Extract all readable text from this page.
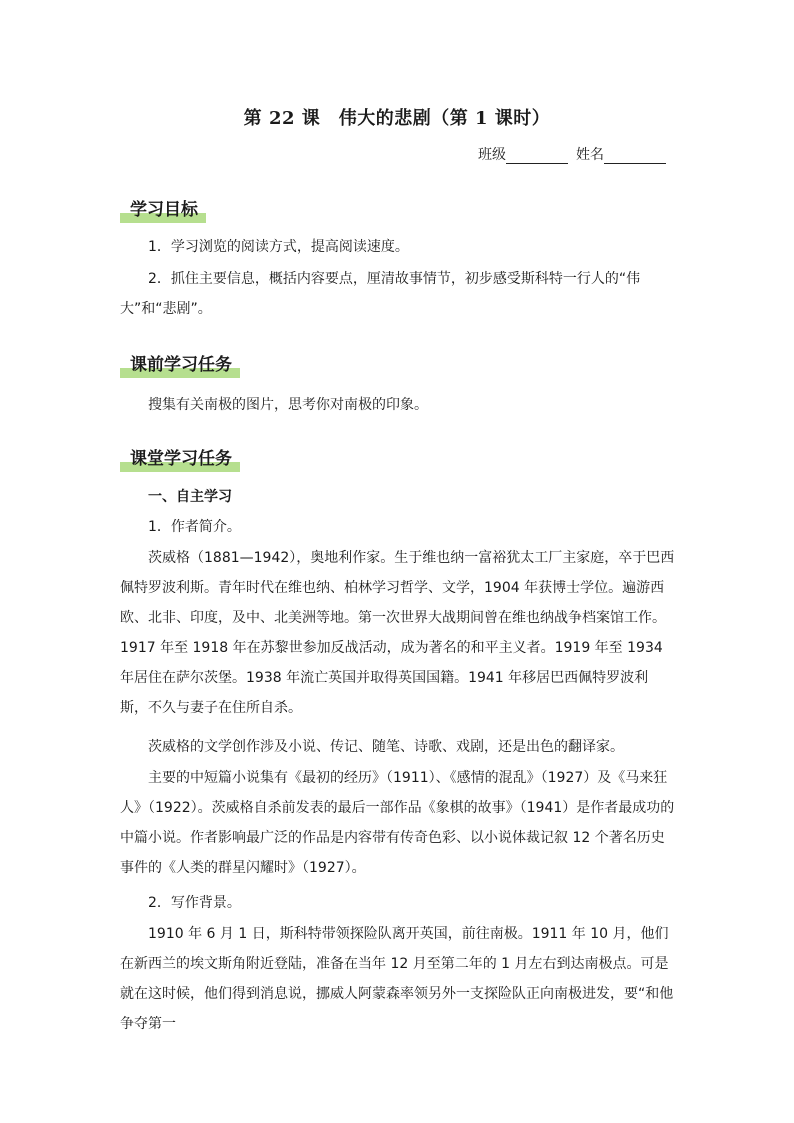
第 22 课　伟大的悲剧（第 1 课时）
班级	姓名
学习目标
1．学习浏览的阅读方式，提高阅读速度。
2．抓住主要信息，概括内容要点，厘清故事情节，初步感受斯科特一行人的“伟大”和“悲剧”。
课前学习任务
搜集有关南极的图片，思考你对南极的印象。
课堂学习任务
一、自主学习
1．作者简介。
茨威格（1881—1942），奥地利作家。生于维也纳一富裕犹太工厂主家庭，卒于巴西佩特罗波利斯。青年时代在维也纳、柏林学习哲学、文学，1904 年获博士学位。遍游西欧、北非、印度，及中、北美洲等地。第一次世界大战期间曾在维也纳战争档案馆工作。1917 年至 1918 年在苏黎世参加反战活动，成为著名的和平主义者。1919 年至 1934 年居住在萨尔茨堡。1938 年流亡英国并取得英国国籍。1941 年移居巴西佩特罗波利斯，不久与妻子在住所自杀。
茨威格的文学创作涉及小说、传记、随笔、诗歌、戏剧，还是出色的翻译家。
主要的中短篇小说集有《最初的经历》（1911）、《感情的混乱》（1927）及《马来狂人》（1922）。茨威格自杀前发表的最后一部作品《象棋的故事》（1941）是作者最成功的中篇小说。作者影响最广泛的作品是内容带有传奇色彩、以小说体裁记叙 12 个著名历史事件的《人类的群星闪耀时》（1927）。
2．写作背景。
1910 年 6 月 1 日，斯科特带领探险队离开英国，前往南极。1911 年 10 月，他们在新西兰的埃文斯角附近登陆，准备在当年 12 月至第二年的 1 月左右到达南极点。可是就在这时候，他们得到消息说，挪威人阿蒙森率领另外一支探险队正向南极进发，要“和他争夺第一
